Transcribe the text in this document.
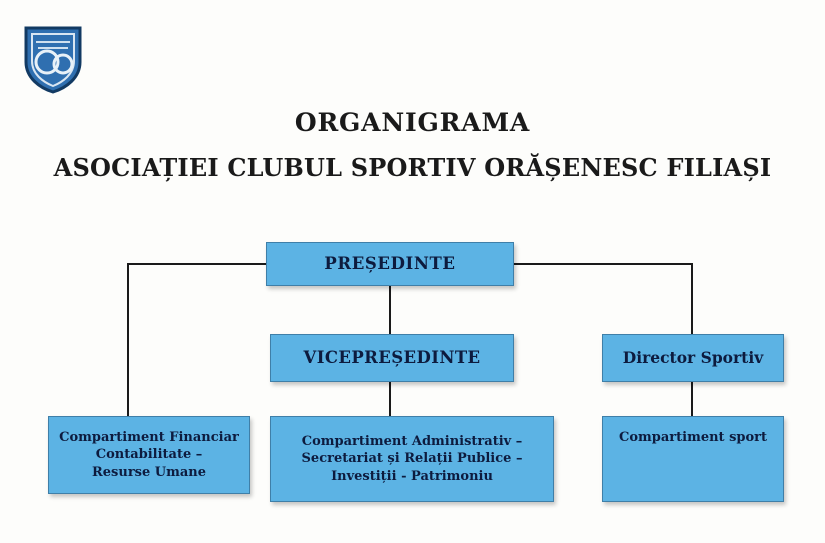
ORGANIGRAMA
ASOCIAȚIEI CLUBUL SPORTIV ORĂȘENESC FILIAȘI
PREȘEDINTE
VICEPREȘEDINTE	Director Sportiv
Compartiment Financiar
Contabilitate –
Resurse Umane
Compartiment Administrativ –
Secretariat și Relații Publice –
Investiții - Patrimoniu
Compartiment sport
